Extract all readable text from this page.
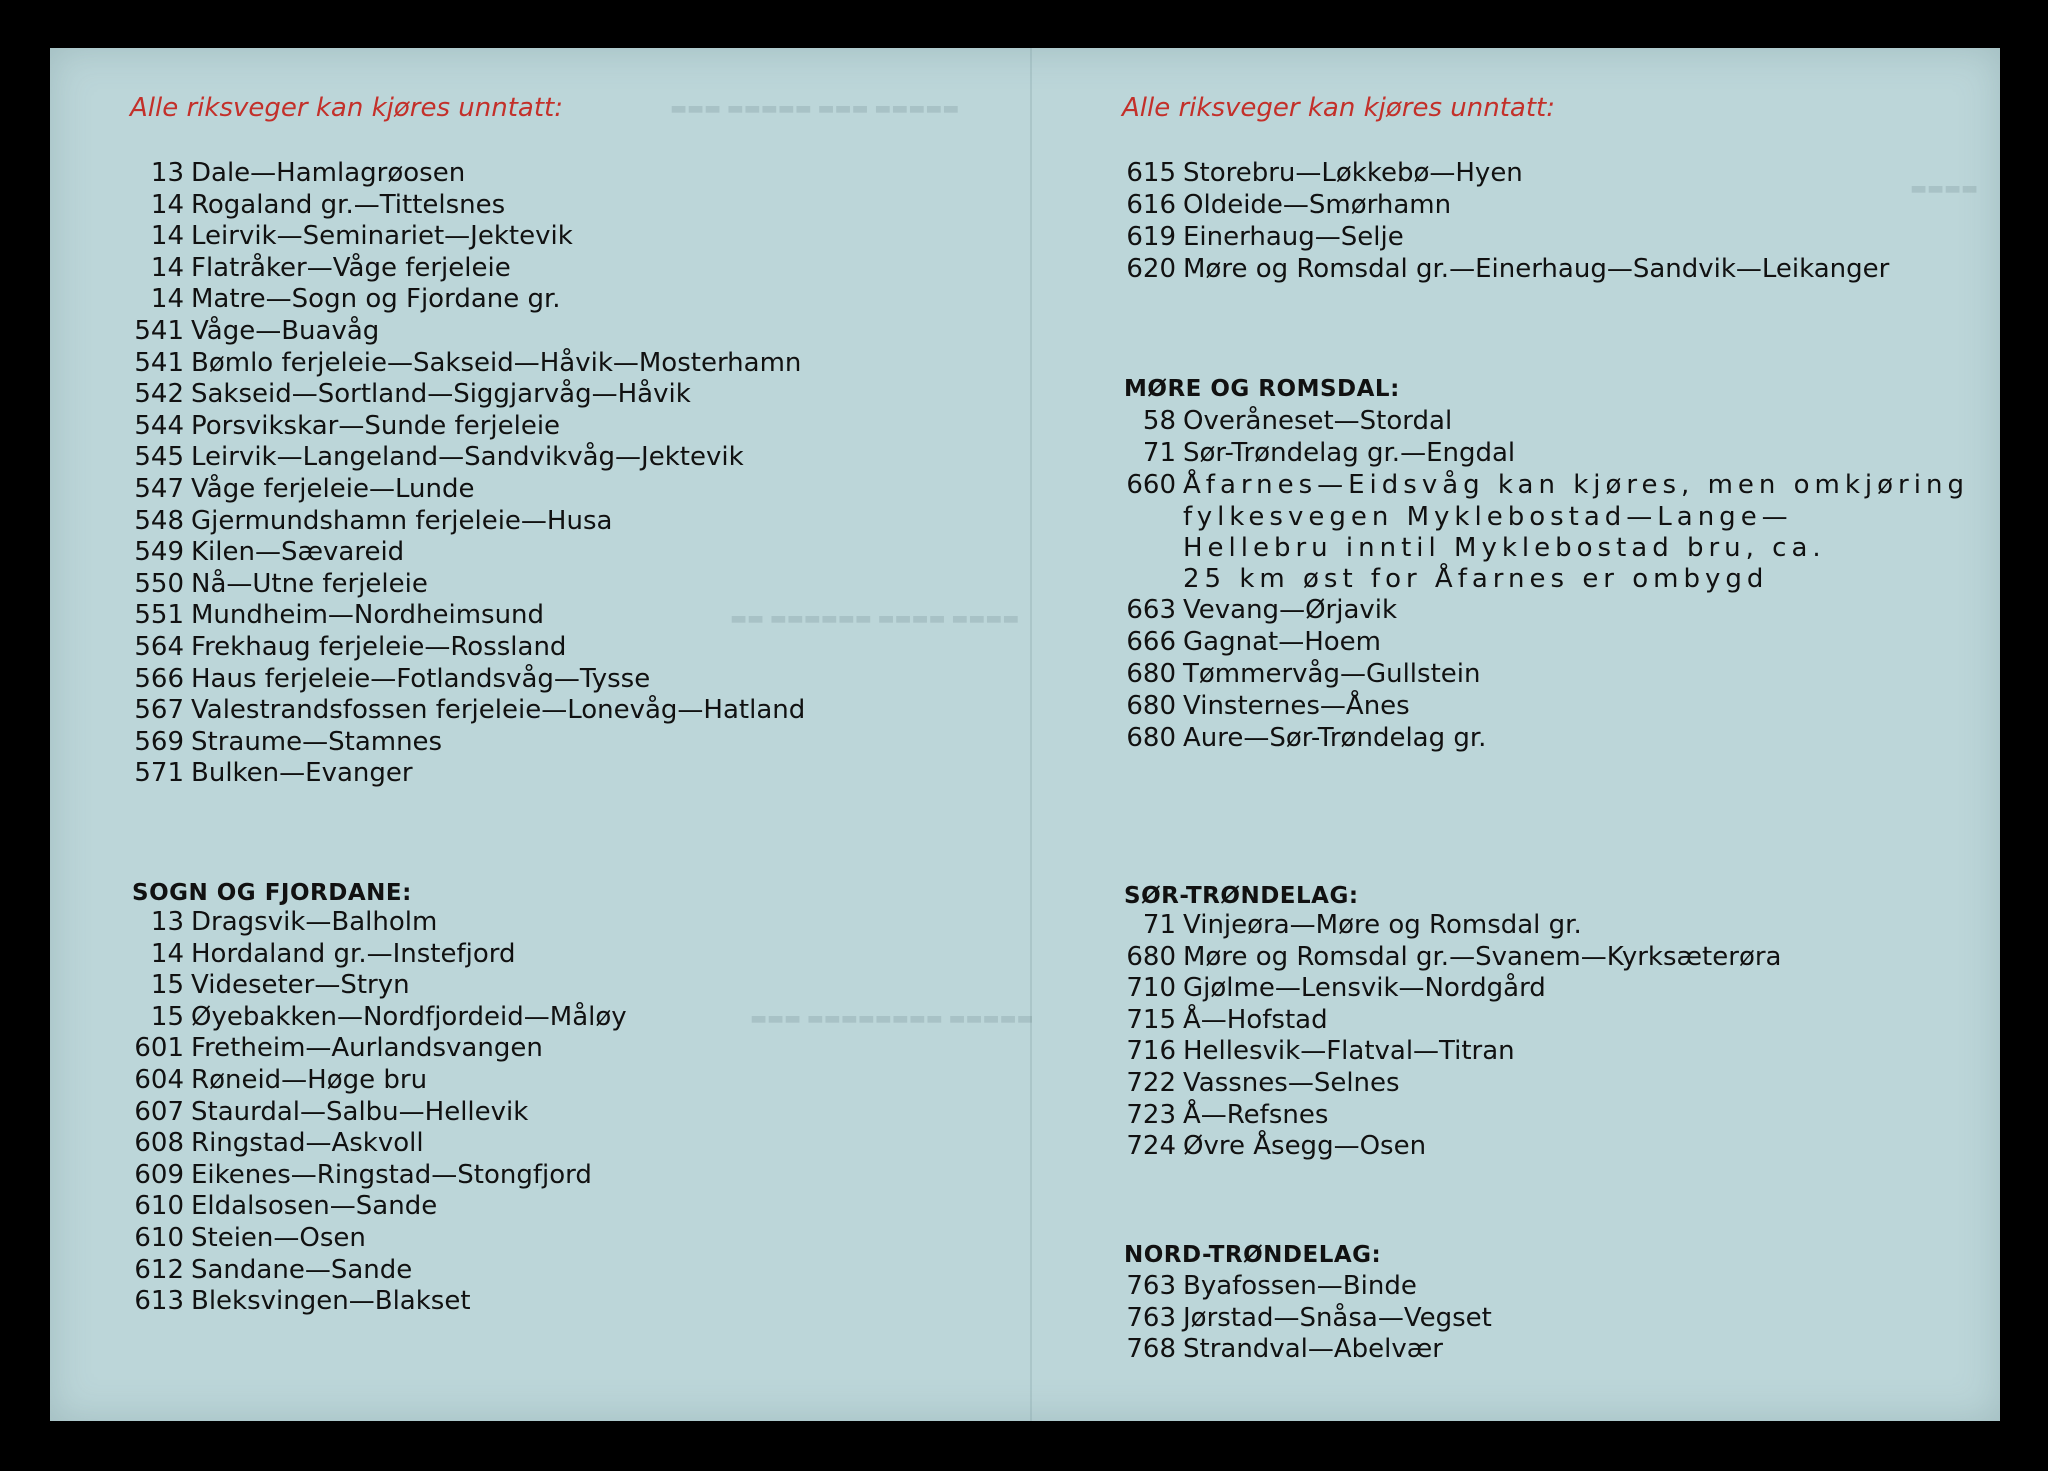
Alle riksveger kan kjøres unntatt:
SOGN OG FJORDANE:
13 Dale—Hamlagrøosen
14 Rogaland gr.—Tittelsnes
14 Leirvik—Seminariet—Jektevik
14 Flatråker—Våge ferjeleie
14 Matre—Sogn og Fjordane gr.
541 Våge—Buavåg
541 Bømlo ferjeleie—Sakseid—Håvik—Mosterhamn
542 Sakseid—Sortland—Siggjarvåg—Håvik
544 Porsvikskar—Sunde ferjeleie
545 Leirvik—Langeland—Sandvikvåg—Jektevik
547 Våge ferjeleie—Lunde
548 Gjermundshamn ferjeleie—Husa
549 Kilen—Sævareid
550 Nå—Utne ferjeleie
551 Mundheim—Nordheimsund
564 Frekhaug ferjeleie—Rossland
566 Haus ferjeleie—Fotlandsvåg—Tysse
567 Valestrandsfossen ferjeleie—Lonevåg—Hatland
569 Straume—Stamnes
571 Bulken—Evanger
13 Dragsvik—Balholm
14 Hordaland gr.—Instefjord
15 Videseter—Stryn
15 Øyebakken—Nordfjordeid—Måløy
601 Fretheim—Aurlandsvangen
604 Røneid—Høge bru
607 Staurdal—Salbu—Hellevik
608 Ringstad—Askvoll
609 Eikenes—Ringstad—Stongfjord
610 Eldalsosen—Sande
610 Steien—Osen
612 Sandane—Sande
613 Bleksvingen—Blakset
Alle riksveger kan kjøres unntatt:
MØRE OG ROMSDAL:
58 Overåneset—Stordal
71 Sør-Trøndelag gr.—Engdal
660 Åfarnes—Eidsvåg kan kjøres, men omkjøring
fylkesvegen Myklebostad—Lange—
Hellebru inntil Myklebostad bru, ca.
25 km øst for Åfarnes er ombygd
SØR-TRØNDELAG:
NORD-TRØNDELAG:
615 Storebru—Løkkebø—Hyen
616 Oldeide—Smørhamn
619 Einerhaug—Selje
620 Møre og Romsdal gr.—Einerhaug—Sandvik—Leikanger
663 Vevang—Ørjavik
666 Gagnat—Hoem
680 Tømmervåg—Gullstein
680 Vinsternes—Ånes
680 Aure—Sør-Trøndelag gr.
71 Vinjeøra—Møre og Romsdal gr.
680 Møre og Romsdal gr.—Svanem—Kyrksæterøra
710 Gjølme—Lensvik—Nordgård
715 Å—Hofstad
716 Hellesvik—Flatval—Titran
722 Vassnes—Selnes
723 Å—Refsnes
724 Øvre Åsegg—Osen
763 Byafossen—Binde
763 Jørstad—Snåsa—Vegset
768 Strandval—Abelvær
▬▬▬ ▬▬▬▬▬ ▬▬▬ ▬▬▬▬▬
▬▬ ▬▬▬▬▬▬ ▬▬▬▬ ▬▬▬▬
▬▬▬ ▬▬▬▬▬▬▬▬ ▬▬▬▬▬
▬▬▬▬
